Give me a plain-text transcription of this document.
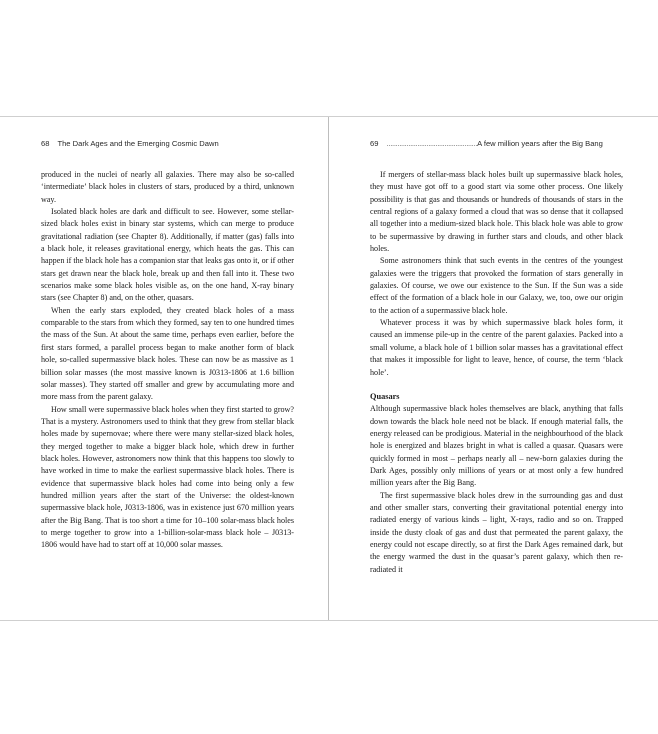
68 The Dark Ages and the Emerging Cosmic Dawn

produced in the nuclei of nearly all galaxies. There may also be so-called ‘intermediate’ black holes in clusters of stars, produced by a third, unknown way.

Isolated black holes are dark and difficult to see. However, some stellar-sized black holes exist in binary star systems, which can merge to produce gravitational radiation (see Chapter 8). Additionally, if matter (gas) falls into a black hole, it releases gravitational energy, which heats the gas. This can happen if the black hole has a companion star that leaks gas onto it, or if other stars get drawn near the black hole, break up and then fall into it. These two scenarios make some black holes visible as, on the one hand, X-ray binary stars (see Chapter 8) and, on the other, quasars.

When the early stars exploded, they created black holes of a mass comparable to the stars from which they formed, say ten to one hundred times the mass of the Sun. At about the same time, perhaps even earlier, before the first stars formed, a parallel process began to make another form of black hole, so-called supermassive black holes. These can now be as massive as 1 billion solar masses (the most massive known is J0313-1806 at 1.6 billion solar masses). They started off smaller and grew by accumulating more and more mass from the parent galaxy.

How small were supermassive black holes when they first started to grow? That is a mystery. Astronomers used to think that they grew from stellar black holes made by supernovae; where there were many stellar-sized black holes, they merged together to make a bigger black hole, which drew in further black holes. However, astronomers now think that this happens too slowly to have worked in time to make the earliest supermassive black holes. There is evidence that supermassive black holes had come into being only a few hundred million years after the start of the Universe: the oldest-known supermassive black hole, J0313-1806, was in existence just 670 million years after the Big Bang. That is too short a time for 10–100 solar-mass black holes to merge together to grow into a 1-billion-solar-mass black hole – J0313-1806 would have had to start off at 10,000 solar masses.

69 ..................................................A few million years after the Big Bang

If mergers of stellar-mass black holes built up supermassive black holes, they must have got off to a good start via some other process. One likely possibility is that gas and thousands or hundreds of thousands of stars in the central regions of a galaxy formed a cloud that was so dense that it collapsed all together into a medium-sized black hole. This black hole was able to grow to be supermassive by drawing in further stars and clouds, and other black holes.

Some astronomers think that such events in the centres of the youngest galaxies were the triggers that provoked the formation of stars generally in galaxies. Of course, we owe our existence to the Sun. If the Sun was a side effect of the formation of a black hole in our Galaxy, we, too, owe our origin to the action of a supermassive black hole.

Whatever process it was by which supermassive black holes form, it caused an immense pile-up in the centre of the parent galaxies. Packed into a small volume, a black hole of 1 billion solar masses has a gravitational effect that makes it impossible for light to leave, hence, of course, the term ‘black hole’.

Quasars

Although supermassive black holes themselves are black, anything that falls down towards the black hole need not be black. If enough material falls, the energy released can be prodigious. Material in the neighbourhood of the black hole is energized and blazes bright in what is called a quasar. Quasars were quickly formed in most – perhaps nearly all – new-born galaxies during the Dark Ages, possibly only millions of years or at most only a few hundred million years after the Big Bang.

The first supermassive black holes drew in the surrounding gas and dust and other smaller stars, converting their gravitational potential energy into radiated energy of various kinds – light, X-rays, radio and so on. Trapped inside the dusty cloak of gas and dust that permeated the parent galaxy, the energy could not escape directly, so at first the Dark Ages remained dark, but the energy warmed the dust in the quasar’s parent galaxy, which then re-radiated it
